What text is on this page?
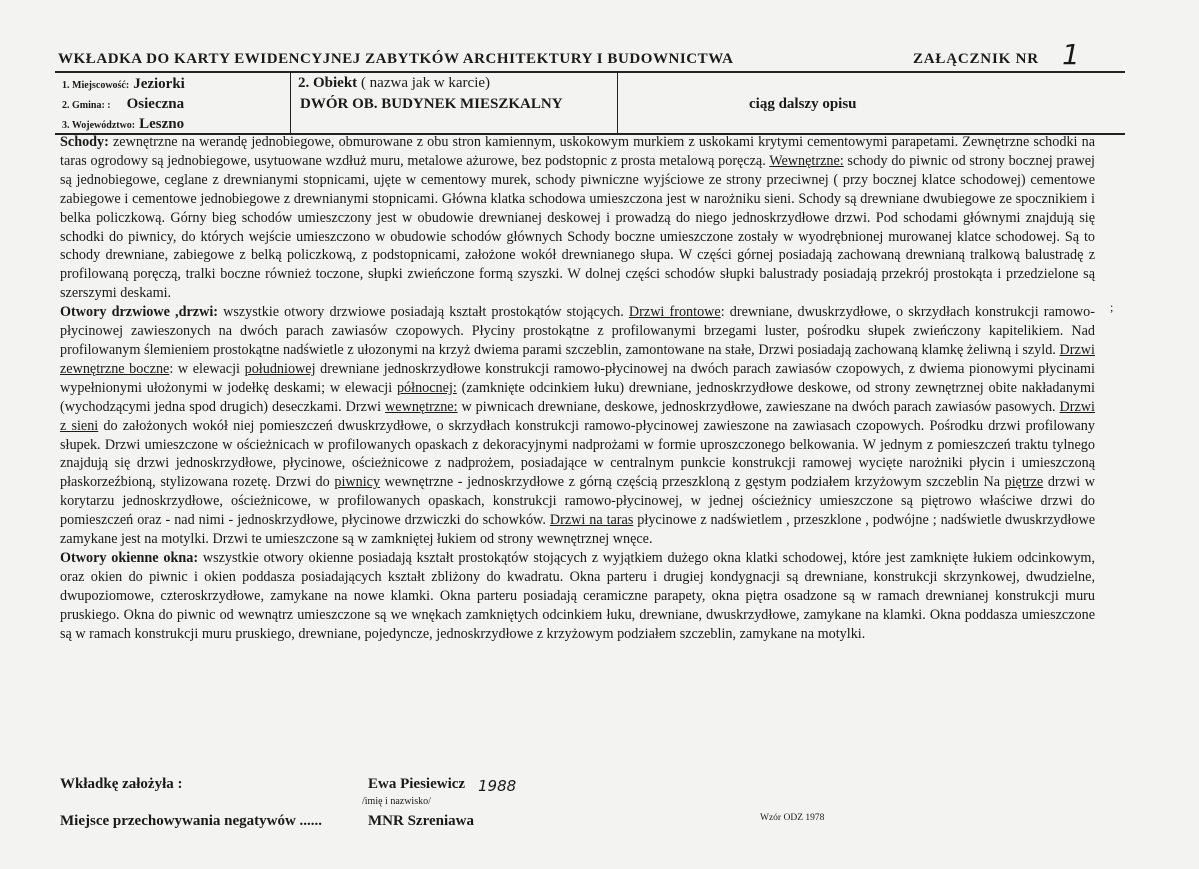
WKŁADKA DO KARTY EWIDENCYJNEJ ZABYTKÓW ARCHITEKTURY I BUDOWNICTWA	ZAŁĄCZNIK NR 1
1. Miejscowość: Jeziorki
2. Gmina: : Osieczna
3. Województwo: Leszno
2. Obiekt ( nazwa jak w karcie)
DWÓR OB. BUDYNEK MIESZKALNY	ciąg dalszy opisu

Schody: zewnętrzne na werandę jednobiegowe, obmurowane z obu stron kamiennym, uskokowym murkiem z uskokami krytymi cementowymi parapetami. Zewnętrzne schodki na taras ogrodowy są jednobiegowe, usytuowane wzdłuż muru, metalowe ażurowe, bez podstopnic z prosta metalową poręczą. Wewnętrzne: schody do piwnic od strony bocznej prawej są jednobiegowe, ceglane z drewnianymi stopnicami, ujęte w cementowy murek, schody piwniczne wyjściowe ze strony przeciwnej ( przy bocznej klatce schodowej) cementowe zabiegowe i cementowe jednobiegowe z drewnianymi stopnicami. Główna klatka schodowa umieszczona jest w narożniku sieni. Schody są drewniane dwubiegowe ze spocznikiem i belka policzkową. Górny bieg schodów umieszczony jest w obudowie drewnianej deskowej i prowadzą do niego jednoskrzydłowe drzwi. Pod schodami głównymi znajdują się schodki do piwnicy, do których wejście umieszczono w obudowie schodów głównych Schody boczne umieszczone zostały w wyodrębnionej murowanej klatce schodowej. Są to schody drewniane, zabiegowe z belką policzkową, z podstopnicami, założone wokół drewnianego słupa. W części górnej posiadają zachowaną drewnianą tralkową balustradę z profilowaną poręczą, tralki boczne również toczone, słupki zwieńczone formą szyszki. W dolnej części schodów słupki balustrady posiadają przekrój prostokąta i przedzielone są szerszymi deskami.

Otwory drzwiowe ,drzwi: wszystkie otwory drzwiowe posiadają kształt prostokątów stojących. Drzwi frontowe: drewniane, dwuskrzydłowe, o skrzydłach konstrukcji ramowo-płycinowej zawieszonych na dwóch parach zawiasów czopowych. Płyciny prostokątne z profilowanymi brzegami luster, pośrodku słupek zwieńczony kapitelikiem. Nad profilowanym ślemieniem prostokątne nadświetle z ułozonymi na krzyż dwiema parami szczeblin, zamontowane na stałe, Drzwi posiadają zachowaną klamkę żeliwną i szyld. Drzwi zewnętrzne boczne: w elewacji południowej drewniane jednoskrzydłowe konstrukcji ramowo-płycinowej na dwóch parach zawiasów czopowych, z dwiema pionowymi płycinami wypełnionymi ułożonymi w jodełkę deskami; w elewacji północnej: (zamknięte odcinkiem łuku) drewniane, jednoskrzydłowe deskowe, od strony zewnętrznej obite nakładanymi (wychodzącymi jedna spod drugich) deseczkami. Drzwi wewnętrzne: w piwnicach drewniane, deskowe, jednoskrzydłowe, zawieszane na dwóch parach zawiasów pasowych. Drzwi z sieni do założonych wokół niej pomieszczeń dwuskrzydłowe, o skrzydłach konstrukcji ramowo-płycinowej zawieszone na zawiasach czopowych. Pośrodku drzwi profilowany słupek. Drzwi umieszczone w ościeżnicach w profilowanych opaskach z dekoracyjnymi nadprożami w formie uproszczonego belkowania. W jednym z pomieszczeń traktu tylnego znajdują się drzwi jednoskrzydłowe, płycinowe, ościeżnicowe z nadprożem, posiadające w centralnym punkcie konstrukcji ramowej wycięte narożniki płycin i umieszczoną płaskorzeźbioną, stylizowana rozetę. Drzwi do piwnicy wewnętrzne - jednoskrzydłowe z górną częścią przeszkloną z gęstym podziałem krzyżowym szczeblin Na piętrze drzwi w korytarzu jednoskrzydłowe, ościeżnicowe, w profilowanych opaskach, konstrukcji ramowo-płycinowej, w jednej ościeżnicy umieszczone są piętrowo właściwe drzwi do pomieszczeń oraz - nad nimi - jednoskrzydłowe, płycinowe drzwiczki do schowków. Drzwi na taras płycinowe z nadświetlem , przeszklone , podwójne ; nadświetle dwuskrzydłowe zamykane jest na motylki. Drzwi te umieszczone są w zamkniętej łukiem od strony wewnętrznej wnęce.

Otwory okienne okna: wszystkie otwory okienne posiadają kształt prostokątów stojących z wyjątkiem dużego okna klatki schodowej, które jest zamknięte łukiem odcinkowym, oraz okien do piwnic i okien poddasza posiadających kształt zbliżony do kwadratu. Okna parteru i drugiej kondygnacji są drewniane, konstrukcji skrzynkowej, dwudzielne, dwupoziomowe, czteroskrzydłowe, zamykane na nowe klamki. Okna parteru posiadają ceramiczne parapety, okna piętra osadzone są w ramach drewnianej konstrukcji muru pruskiego. Okna do piwnic od wewnątrz umieszczone są we wnękach zamkniętych odcinkiem łuku, drewniane, dwuskrzydłowe, zamykane na klamki. Okna poddasza umieszczone są w ramach konstrukcji muru pruskiego, drewniane, pojedyncze, jednoskrzydłowe z krzyżowym podziałem szczeblin, zamykane na motylki.

;
Wkładkę założyła :	Ewa Piesiewicz 1988
/imię i nazwisko/
Miejsce przechowywania negatywów ......	MNR Szreniawa	Wzór ODZ 1978
